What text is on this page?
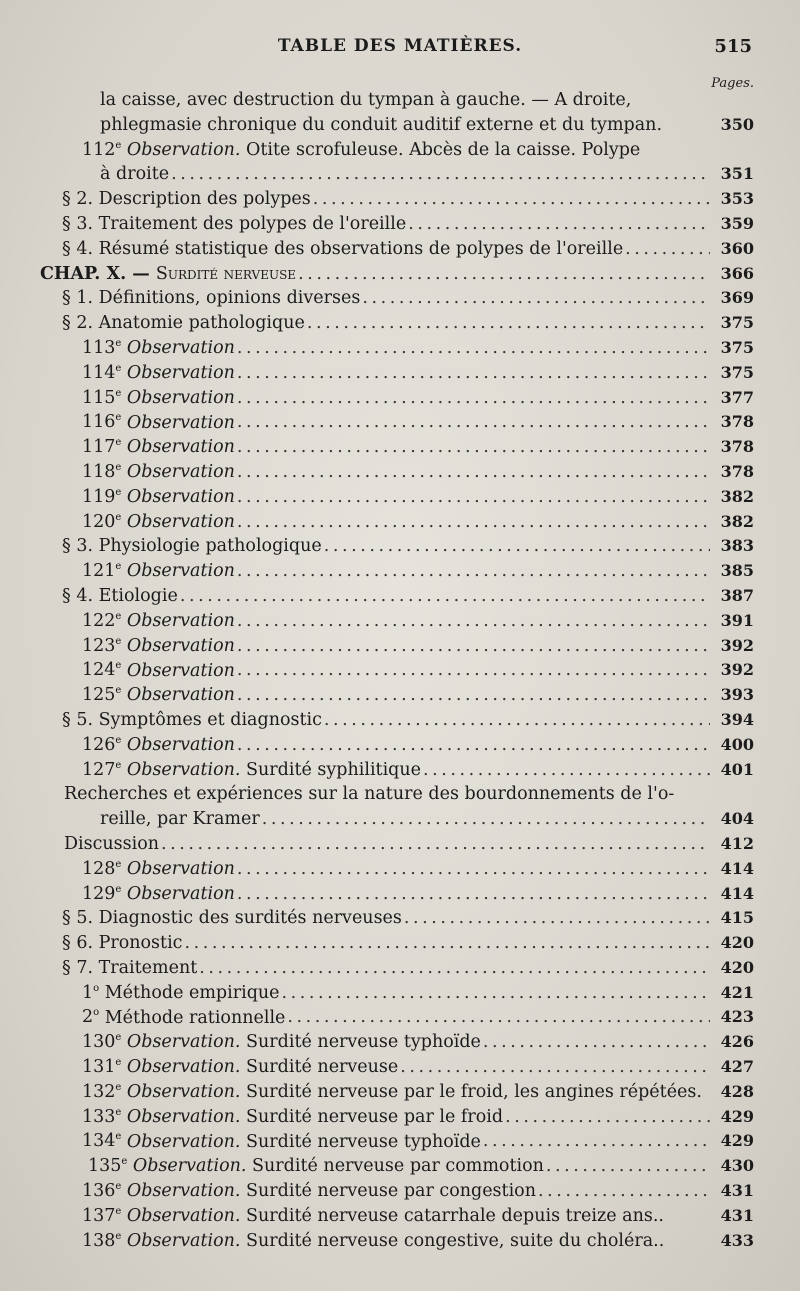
TABLE DES MATIÈRES.	515
Pages.
la caisse, avec destruction du tympan à gauche. — A droite,
phlegmasie chronique du conduit auditif externe et du tympan.	350
112e Observation. Otite scrofuleuse. Abcès de la caisse. Polype
à droite . . .	351
§ 2. Description des polypes . . .	353
§ 3. Traitement des polypes de l'oreille . . .	359
§ 4. Résumé statistique des observations de polypes de l'oreille . . .	360
CHAP. X. — Surdité nerveuse . . .	366
§ 1. Définitions, opinions diverses . . .	369
§ 2. Anatomie pathologique . . .	375
113e Observation . . .	375
114e Observation . . .	375
115e Observation . . .	377
116e Observation . . .	378
117e Observation . . .	378
118e Observation . . .	378
119e Observation . . .	382
120e Observation . . .	382
§ 3. Physiologie pathologique . . .	383
121e Observation . . .	385
§ 4. Etiologie . . .	387
122e Observation . . .	391
123e Observation . . .	392
124e Observation . . .	392
125e Observation . . .	393
§ 5. Symptômes et diagnostic . . .	394
126e Observation . . .	400
127e Observation. Surdité syphilitique . . .	401
Recherches et expériences sur la nature des bourdonnements de l'o-
reille, par Kramer . . .	404
Discussion . . .	412
128e Observation . . .	414
129e Observation . . .	414
§ 5. Diagnostic des surdités nerveuses . . .	415
§ 6. Pronostic . . .	420
§ 7. Traitement . . .	420
1$^o$ Méthode empirique . . .	421
2$^o$ Méthode rationnelle . . .	423
130e Observation. Surdité nerveuse typhoïde . . .	426
131e Observation. Surdité nerveuse . . .	427
132e Observation. Surdité nerveuse par le froid, les angines répétées. 428
133e Observation. Surdité nerveuse par le froid . . .	429
134e Observation. Surdité nerveuse typhoïde . . .	429
135e Observation. Surdité nerveuse par commotion . . .	430
136e Observation. Surdité nerveuse par congestion . . .	431
137e Observation. Surdité nerveuse catarrhale depuis treize ans..	431
138e Observation. Surdité nerveuse congestive, suite du choléra..	433
